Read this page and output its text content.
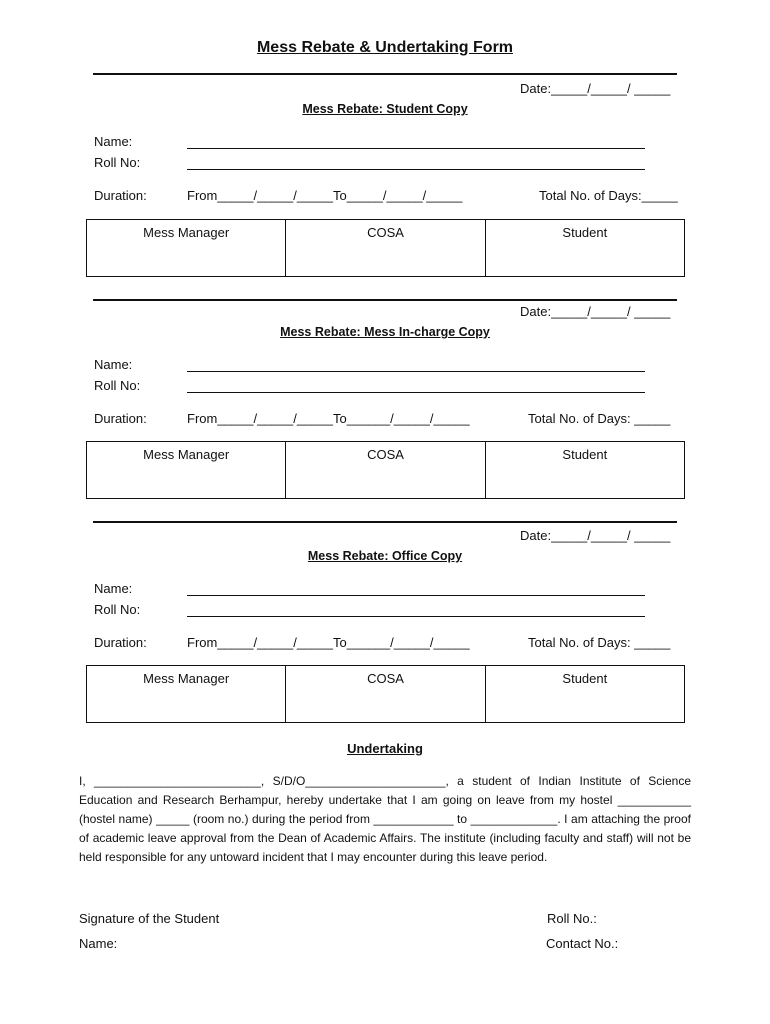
Mess Rebate & Undertaking Form
Date:_____/_____/ _____
Mess Rebate: Student Copy
Name:
Roll No:
Duration:	From_____/_____/_____To_____/_____/_____	Total No. of Days:_____
Mess Manager	COSA	Student
Date:_____/_____/ _____
Mess Rebate: Mess In-charge Copy
Name:
Roll No:
Duration:	From_____/_____/_____To______/_____/_____	Total No. of Days: _____
Mess Manager	COSA	Student
Date:_____/_____/ _____
Mess Rebate: Office Copy
Name:
Roll No:
Duration:	From_____/_____/_____To______/_____/_____	Total No. of Days: _____
Mess Manager	COSA	Student
Undertaking
I, _________________________, S/D/O_____________________, a student of Indian Institute of Science Education and Research Berhampur, hereby undertake that I am going on leave from my hostel ___________ (hostel name) _____ (room no.) during the period from ____________ to _____________. I am attaching the proof of academic leave approval from the Dean of Academic Affairs. The institute (including faculty and staff) will not be held responsible for any untoward incident that I may encounter during this leave period.
Signature of the Student	Roll No.:
Name:	Contact No.:
